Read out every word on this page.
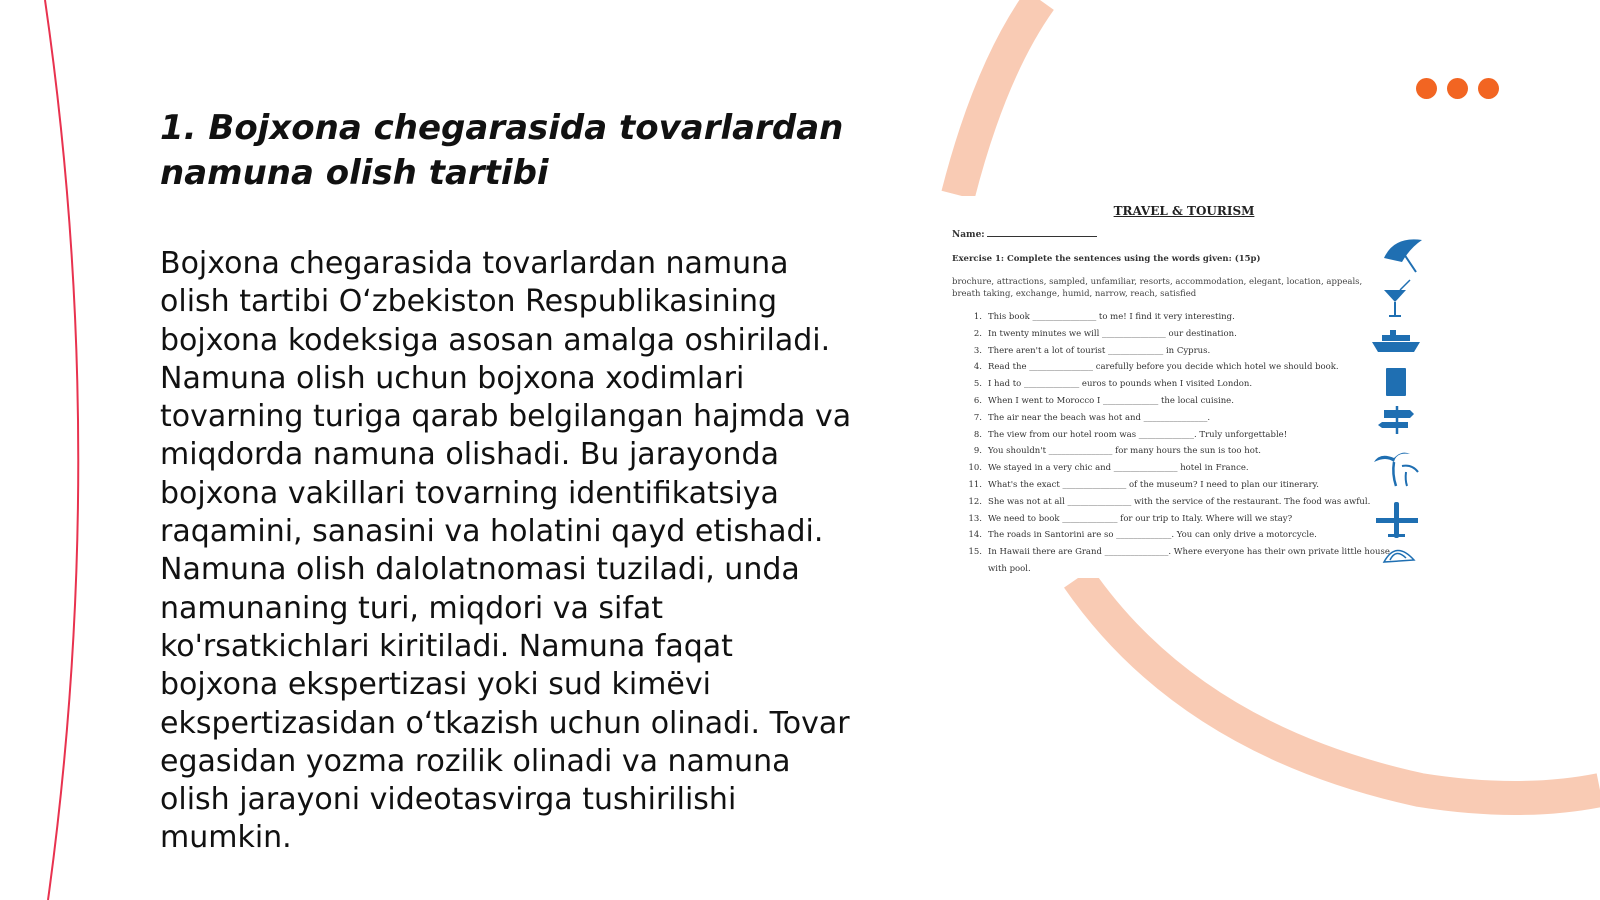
1. Bojxona chegarasida tovarlardan namuna olish tartibi

Bojxona chegarasida tovarlardan namuna olish tartibi O‘zbekiston Respublikasining bojxona kodeksiga asosan amalga oshiriladi. Namuna olish uchun bojxona xodimlari tovarning turiga qarab belgilangan hajmda va miqdorda namuna olishadi. Bu jarayonda bojxona vakillari tovarning identifikatsiya raqamini, sanasini va holatini qayd etishadi. Namuna olish dalolatnomasi tuziladi, unda namunaning turi, miqdori va sifat ko'rsatkichlari kiritiladi. Namuna faqat bojxona ekspertizasi yoki sud kimëvi ekspertizasidan o‘tkazish uchun olinadi. Tovar egasidan yozma rozilik olinadi va namuna olish jarayoni videotasvirga tushirilishi mumkin.

TRAVEL & TOURISM
Name:
Exercise 1: Complete the sentences using the words given: (15p)
brochure, attractions, sampled, unfamiliar, resorts, accommodation, elegant, location, appeals, breath taking, exchange, humid, narrow, reach, satisfied
1. This book _______________ to me! I find it very interesting.
2. In twenty minutes we will _______________ our destination.
3. There aren't a lot of tourist _____________ in Cyprus.
4. Read the _______________ carefully before you decide which hotel we should book.
5. I had to _____________ euros to pounds when I visited London.
6. When I went to Morocco I _____________ the local cuisine.
7. The air near the beach was hot and _______________.
8. The view from our hotel room was _____________. Truly unforgettable!
9. You shouldn't _______________ for many hours the sun is too hot.
10. We stayed in a very chic and _______________ hotel in France.
11. What's the exact _______________ of the museum? I need to plan our itinerary.
12. She was not at all _______________ with the service of the restaurant. The food was awful.
13. We need to book _____________ for our trip to Italy. Where will we stay?
14. The roads in Santorini are so _____________. You can only drive a motorcycle.
15. In Hawaii there are Grand _______________. Where everyone has their own private little house with pool.
